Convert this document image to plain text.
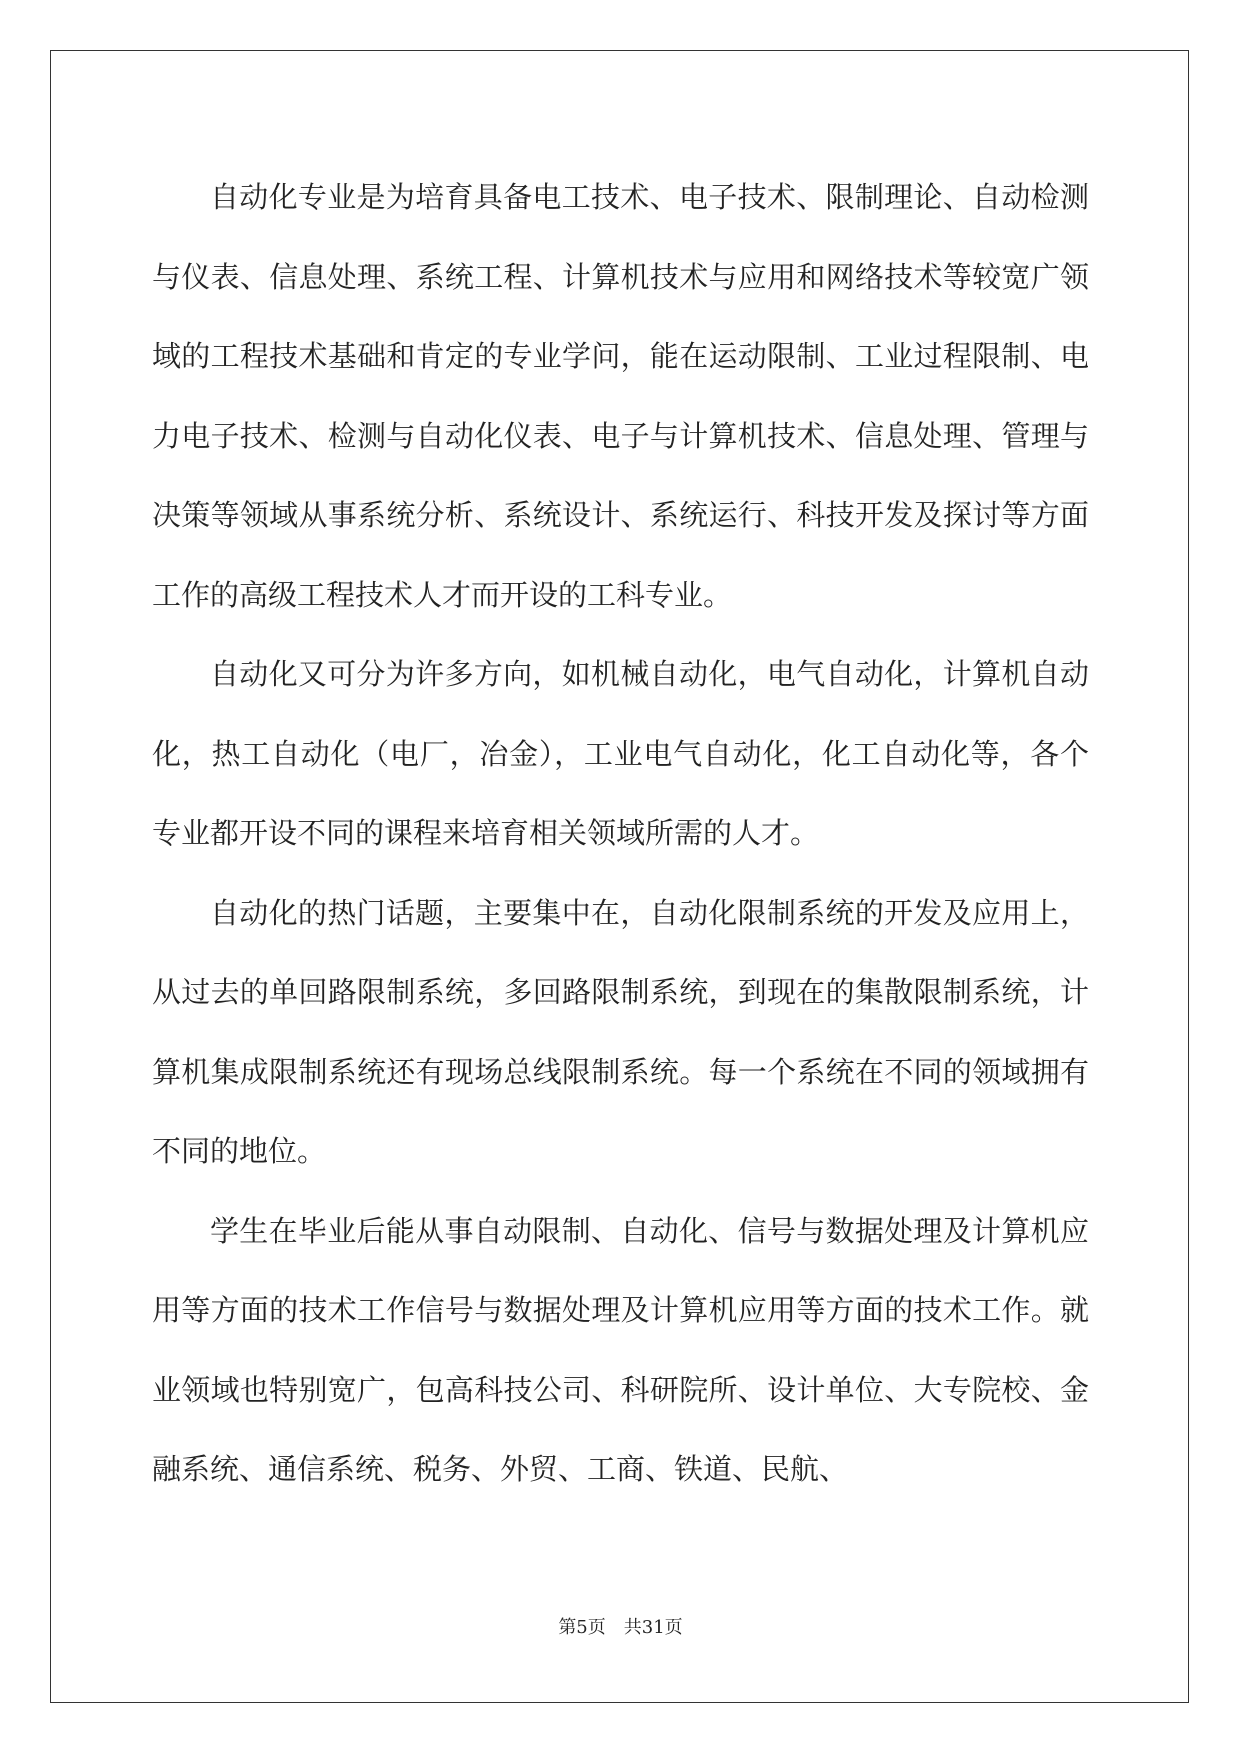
自动化专业是为培育具备电工技术、电子技术、限制理论、自动检测与仪表、信息处理、系统工程、计算机技术与应用和网络技术等较宽广领域的工程技术基础和肯定的专业学问，能在运动限制、工业过程限制、电力电子技术、检测与自动化仪表、电子与计算机技术、信息处理、管理与决策等领域从事系统分析、系统设计、系统运行、科技开发及探讨等方面工作的高级工程技术人才而开设的工科专业。

自动化又可分为许多方向，如机械自动化，电气自动化，计算机自动化，热工自动化（电厂，冶金），工业电气自动化，化工自动化等，各个专业都开设不同的课程来培育相关领域所需的人才。

自动化的热门话题，主要集中在，自动化限制系统的开发及应用上，从过去的单回路限制系统，多回路限制系统，到现在的集散限制系统，计算机集成限制系统还有现场总线限制系统。每一个系统在不同的领域拥有不同的地位。

学生在毕业后能从事自动限制、自动化、信号与数据处理及计算机应用等方面的技术工作信号与数据处理及计算机应用等方面的技术工作。就业领域也特别宽广，包高科技公司、科研院所、设计单位、大专院校、金融系统、通信系统、税务、外贸、工商、铁道、民航、

第5页 共31页
